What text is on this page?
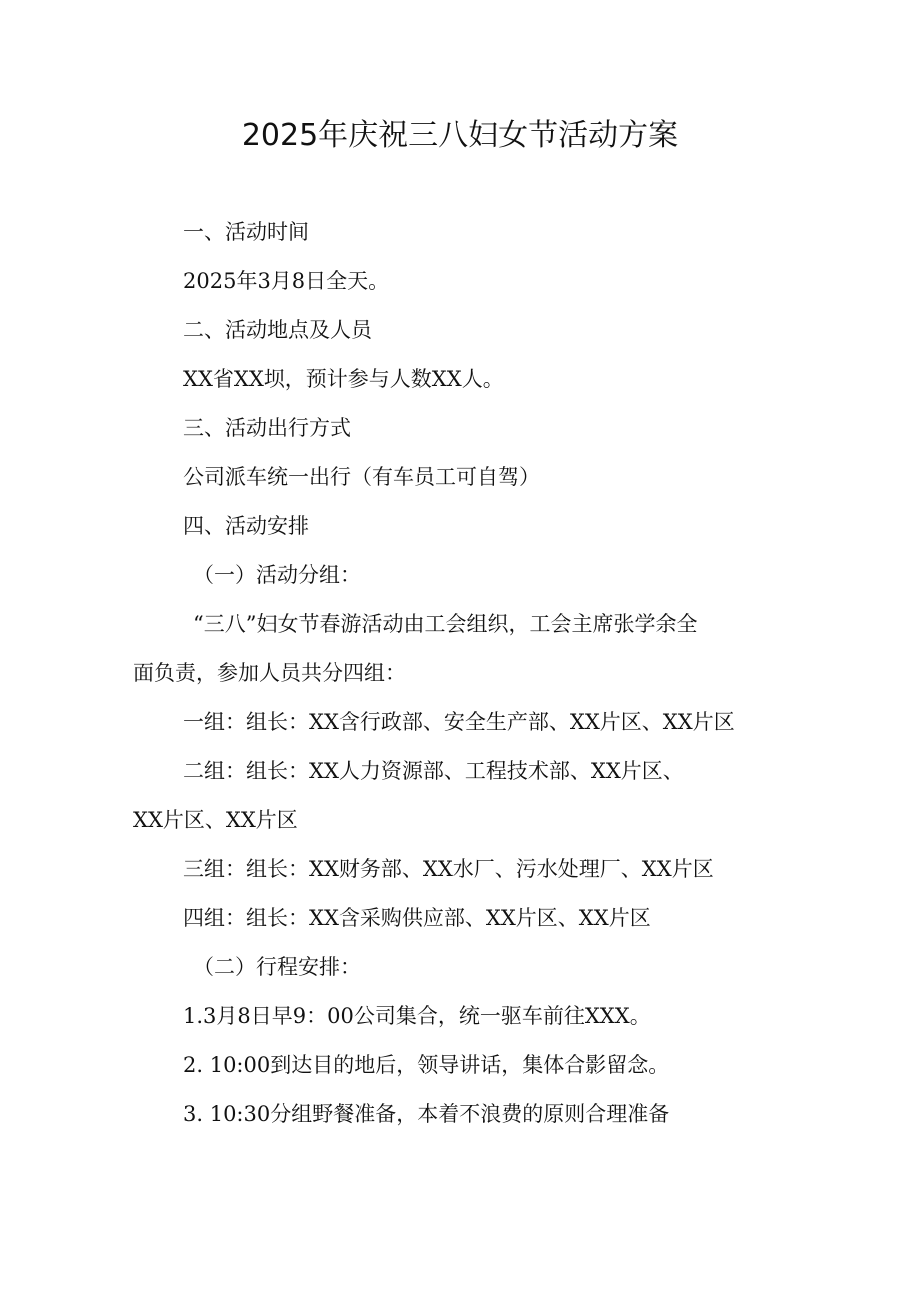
2025年庆祝三八妇女节活动方案
一、活动时间
2025年3月8日全天。
二、活动地点及人员
XX省XX坝，预计参与人数XX人。
三、活动出行方式
公司派车统一出行（有车员工可自驾）
四、活动安排
（一）活动分组：
“三八”妇女节春游活动由工会组织，工会主席张学余全
面负责，参加人员共分四组：
一组：组长：XX含行政部、安全生产部、XX片区、XX片区
二组：组长：XX人力资源部、工程技术部、XX片区、
XX片区、XX片区
三组：组长：XX财务部、XX水厂、污水处理厂、XX片区
四组：组长：XX含采购供应部、XX片区、XX片区
（二）行程安排：
1.3月8日早9：00公司集合，统一驱车前往XXX。
2. 10:00到达目的地后，领导讲话，集体合影留念。
3. 10:30分组野餐准备，本着不浪费的原则合理准备
